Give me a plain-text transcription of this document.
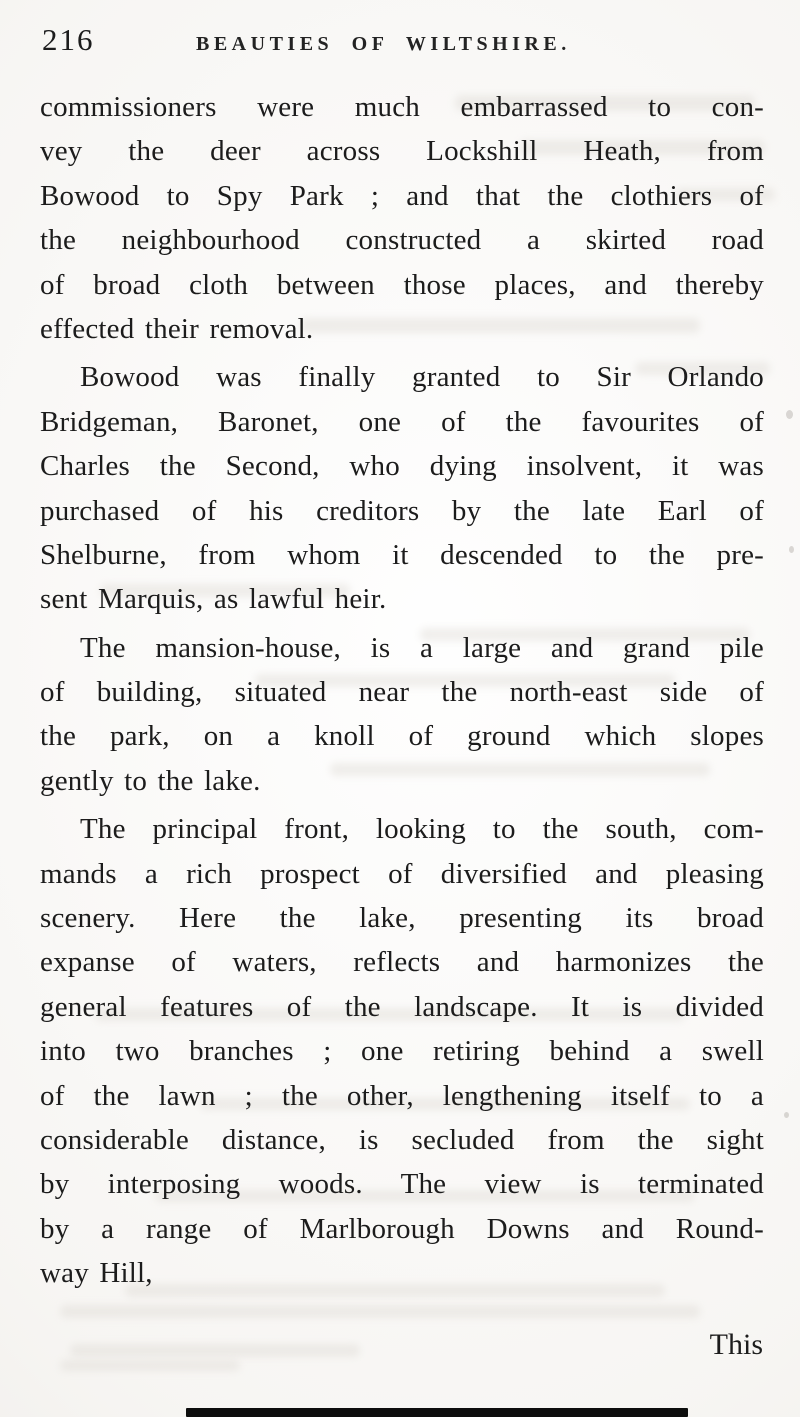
216	BEAUTIES OF WILTSHIRE.
commissioners were much embarrassed to con-
vey the deer across Lockshill Heath, from
Bowood to Spy Park ; and that the clothiers of
the neighbourhood constructed a skirted road
of broad cloth between those places, and thereby
effected their removal.
Bowood was finally granted to Sir Orlando
Bridgeman, Baronet, one of the favourites of
Charles the Second, who dying insolvent, it was
purchased of his creditors by the late Earl of
Shelburne, from whom it descended to the pre-
sent Marquis, as lawful heir.
The mansion-house, is a large and grand pile
of building, situated near the north-east side of
the park, on a knoll of ground which slopes
gently to the lake.
The principal front, looking to the south, com-
mands a rich prospect of diversified and pleasing
scenery. Here the lake, presenting its broad
expanse of waters, reflects and harmonizes the
general features of the landscape. It is divided
into two branches ; one retiring behind a swell
of the lawn ; the other, lengthening itself to a
considerable distance, is secluded from the sight
by interposing woods. The view is terminated
by a range of Marlborough Downs and Round-
way Hill,
This
